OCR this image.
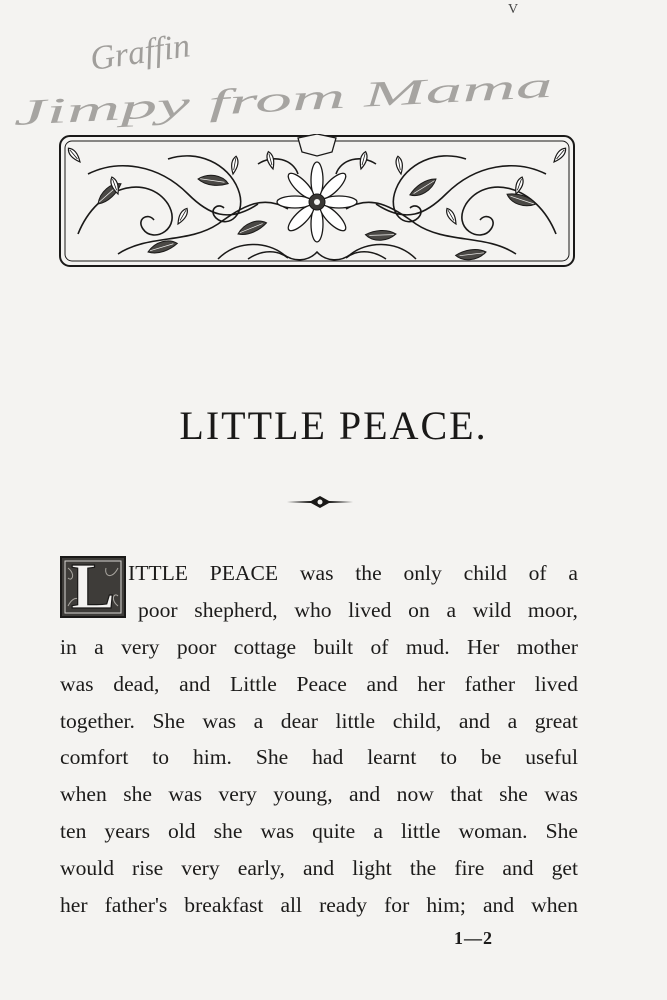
V
Graffin
Jimpy from Mama
LITTLE PEACE.
L ITTLE PEACE was the only child of a
poor shepherd, who lived on a wild moor,
in a very poor cottage built of mud. Her mother
was dead, and Little Peace and her father lived
together. She was a dear little child, and a great
comfort to him. She had learnt to be useful
when she was very young, and now that she was
ten years old she was quite a little woman. She
would rise very early, and light the fire and get
her father's breakfast all ready for him; and when
1—2
